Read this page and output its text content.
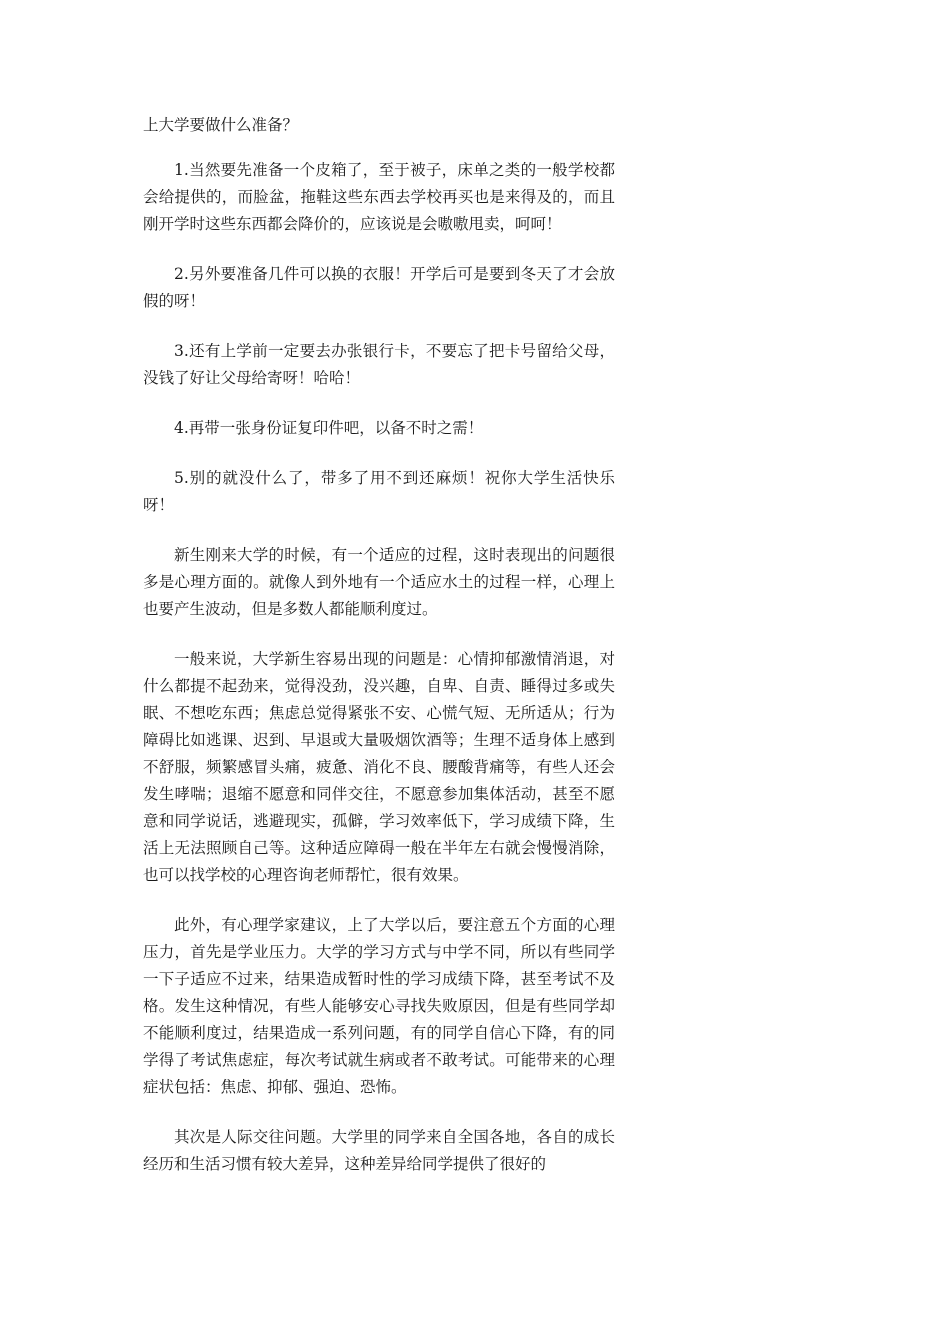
上大学要做什么准备？

1.当然要先准备一个皮箱了，至于被子，床单之类的一般学校都会给提供的，而脸盆，拖鞋这些东西去学校再买也是来得及的，而且刚开学时这些东西都会降价的，应该说是会嗷嗷甩卖，呵呵！

2.另外要准备几件可以换的衣服！开学后可是要到冬天了才会放假的呀！

3.还有上学前一定要去办张银行卡，不要忘了把卡号留给父母，没钱了好让父母给寄呀！哈哈！

4.再带一张身份证复印件吧，以备不时之需！

5.别的就没什么了，带多了用不到还麻烦！祝你大学生活快乐呀！

新生刚来大学的时候，有一个适应的过程，这时表现出的问题很多是心理方面的。就像人到外地有一个适应水土的过程一样，心理上也要产生波动，但是多数人都能顺利度过。

一般来说，大学新生容易出现的问题是：心情抑郁激情消退，对什么都提不起劲来，觉得没劲，没兴趣，自卑、自责、睡得过多或失眠、不想吃东西；焦虑总觉得紧张不安、心慌气短、无所适从；行为障碍比如逃课、迟到、早退或大量吸烟饮酒等；生理不适身体上感到不舒服，频繁感冒头痛，疲惫、消化不良、腰酸背痛等，有些人还会发生哮喘；退缩不愿意和同伴交往，不愿意参加集体活动，甚至不愿意和同学说话，逃避现实，孤僻，学习效率低下，学习成绩下降，生活上无法照顾自己等。这种适应障碍一般在半年左右就会慢慢消除，也可以找学校的心理咨询老师帮忙，很有效果。

此外，有心理学家建议，上了大学以后，要注意五个方面的心理压力，首先是学业压力。大学的学习方式与中学不同，所以有些同学一下子适应不过来，结果造成暂时性的学习成绩下降，甚至考试不及格。发生这种情况，有些人能够安心寻找失败原因，但是有些同学却不能顺利度过，结果造成一系列问题，有的同学自信心下降，有的同学得了考试焦虑症，每次考试就生病或者不敢考试。可能带来的心理症状包括：焦虑、抑郁、强迫、恐怖。

其次是人际交往问题。大学里的同学来自全国各地，各自的成长经历和生活习惯有较大差异，这种差异给同学提供了很好的
